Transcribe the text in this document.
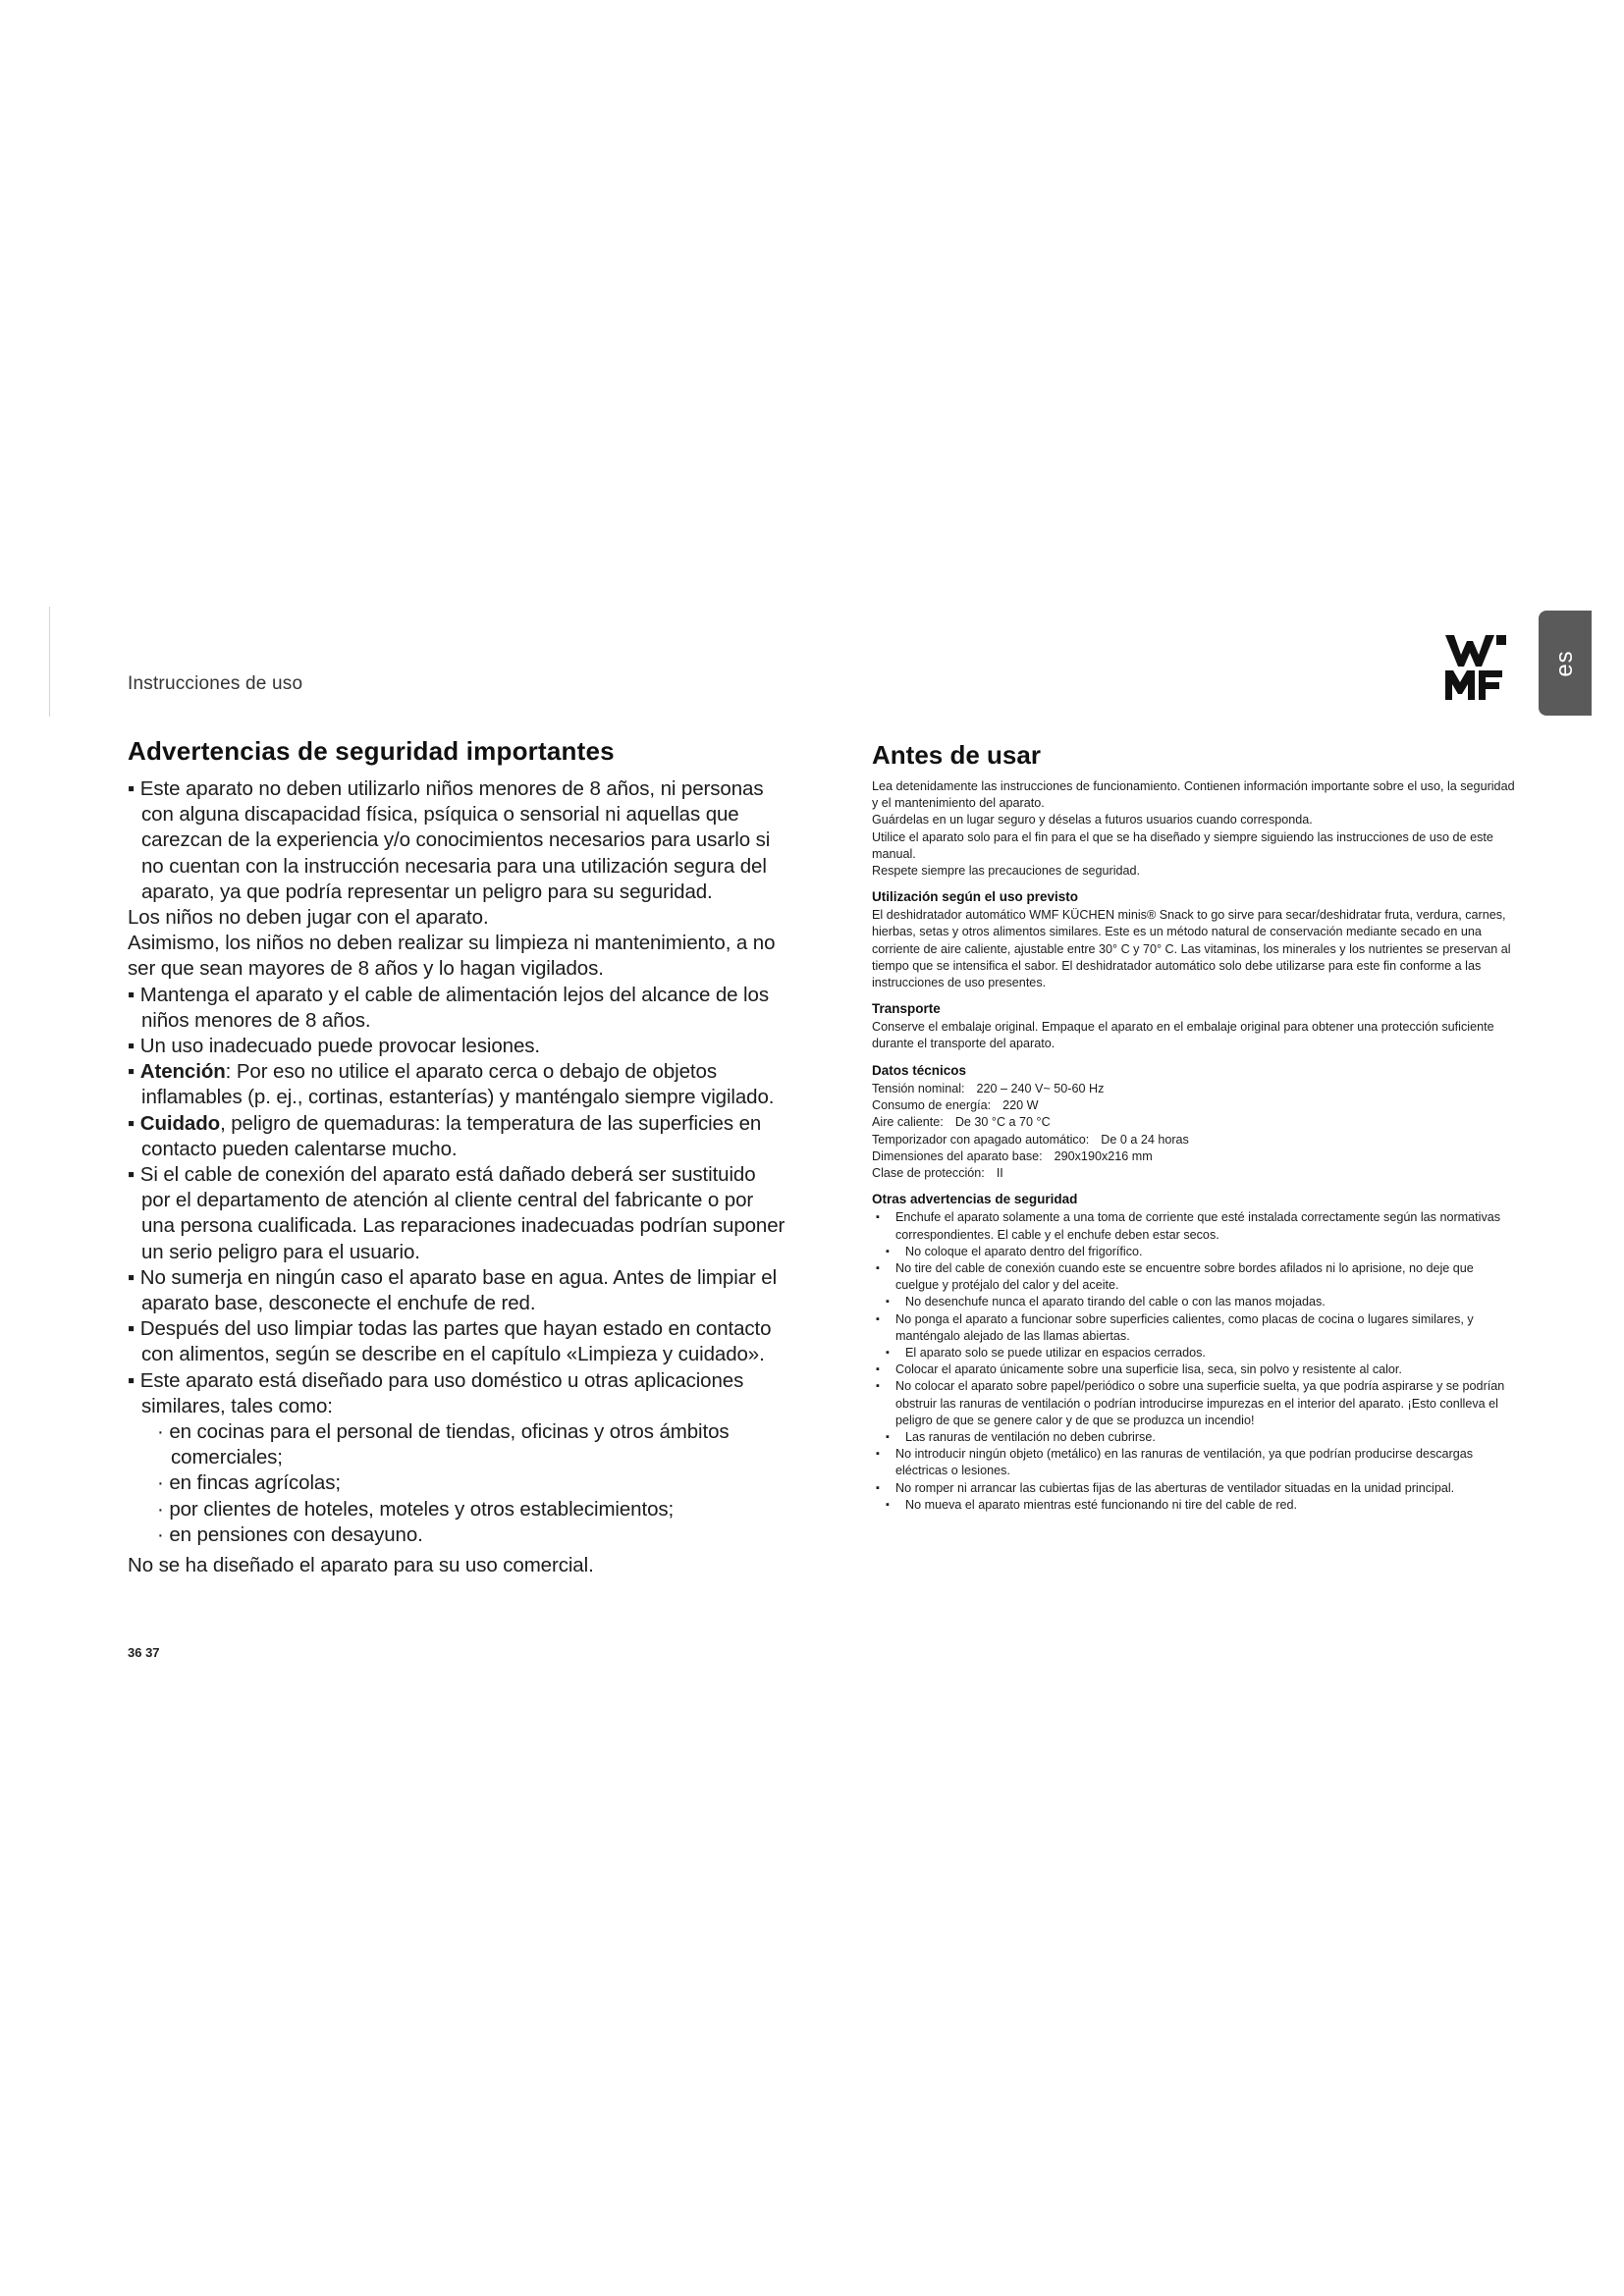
Instrucciones de uso
es
Advertencias de seguridad importantes

▪ Este aparato no deben utilizarlo niños menores de 8 años, ni personas con alguna discapacidad física, psíquica o sensorial ni aquellas que carezcan de la experiencia y/o conocimientos necesarios para usarlo si no cuentan con la instrucción necesaria para una utilización segura del aparato, ya que podría representar un peligro para su seguridad.

Los niños no deben jugar con el aparato.

Asimismo, los niños no deben realizar su limpieza ni mantenimiento, a no ser que sean mayores de 8 años y lo hagan vigilados.

▪ Mantenga el aparato y el cable de alimentación lejos del alcance de los niños menores de 8 años.

▪ Un uso inadecuado puede provocar lesiones.

▪ Atención: Por eso no utilice el aparato cerca o debajo de objetos inflamables (p. ej., cortinas, estanterías) y manténgalo siempre vigilado.

▪ Cuidado, peligro de quemaduras: la temperatura de las superficies en contacto pueden calentarse mucho.

▪ Si el cable de conexión del aparato está dañado deberá ser sustituido por el departamento de atención al cliente central del fabricante o por una persona cualificada. Las reparaciones inadecuadas podrían suponer un serio peligro para el usuario.

▪ No sumerja en ningún caso el aparato base en agua. Antes de limpiar el aparato base, desconecte el enchufe de red.

▪ Después del uso limpiar todas las partes que hayan estado en contacto con alimentos, según se describe en el capítulo «Limpieza y cuidado».

▪ Este aparato está diseñado para uso doméstico u otras aplicaciones similares, tales como:

· en cocinas para el personal de tiendas, oficinas y otros ámbitos comerciales;

· en fincas agrícolas;

· por clientes de hoteles, moteles y otros establecimientos;

· en pensiones con desayuno.

No se ha diseñado el aparato para su uso comercial.

Antes de usar

Lea detenidamente las instrucciones de funcionamiento. Contienen información importante sobre el uso, la seguridad y el mantenimiento del aparato.

Guárdelas en un lugar seguro y déselas a futuros usuarios cuando corresponda.

Utilice el aparato solo para el fin para el que se ha diseñado y siempre siguiendo las instrucciones de uso de este manual.

Respete siempre las precauciones de seguridad.

Utilización según el uso previsto

El deshidratador automático WMF KÜCHEN minis® Snack to go sirve para secar/deshidratar fruta, verdura, carnes, hierbas, setas y otros alimentos similares. Este es un método natural de conservación mediante secado en una corriente de aire caliente, ajustable entre 30° C y 70° C. Las vitaminas, los minerales y los nutrientes se preservan al tiempo que se intensifica el sabor. El deshidratador automático solo debe utilizarse para este fin conforme a las instrucciones de uso presentes.

Transporte

Conserve el embalaje original. Empaque el aparato en el embalaje original para obtener una protección suficiente durante el transporte del aparato.

Datos técnicos
Tensión nominal: 220 – 240 V~ 50-60 Hz
Consumo de energía: 220 W
Aire caliente: De 30 °C a 70 °C
Temporizador con apagado automático: De 0 a 24 horas
Dimensiones del aparato base: 290x190x216 mm
Clase de protección: II
Otras advertencias de seguridad
▪ Enchufe el aparato solamente a una toma de corriente que esté instalada correctamente según las normativas correspondientes. El cable y el enchufe deben estar secos.
▪ No coloque el aparato dentro del frigorífico.
▪ No tire del cable de conexión cuando este se encuentre sobre bordes afilados ni lo aprisione, no deje que cuelgue y protéjalo del calor y del aceite.
▪ No desenchufe nunca el aparato tirando del cable o con las manos mojadas.
▪ No ponga el aparato a funcionar sobre superficies calientes, como placas de cocina o lugares similares, y manténgalo alejado de las llamas abiertas.
▪ El aparato solo se puede utilizar en espacios cerrados.
▪ Colocar el aparato únicamente sobre una superficie lisa, seca, sin polvo y resistente al calor.
▪ No colocar el aparato sobre papel/periódico o sobre una superficie suelta, ya que podría aspirarse y se podrían obstruir las ranuras de ventilación o podrían introducirse impurezas en el interior del aparato. ¡Esto conlleva el peligro de que se genere calor y de que se produzca un incendio!
▪ Las ranuras de ventilación no deben cubrirse.
▪ No introducir ningún objeto (metálico) en las ranuras de ventilación, ya que podrían producirse descargas eléctricas o lesiones.
▪ No romper ni arrancar las cubiertas fijas de las aberturas de ventilador situadas en la unidad principal.
▪ No mueva el aparato mientras esté funcionando ni tire del cable de red.
36 37
